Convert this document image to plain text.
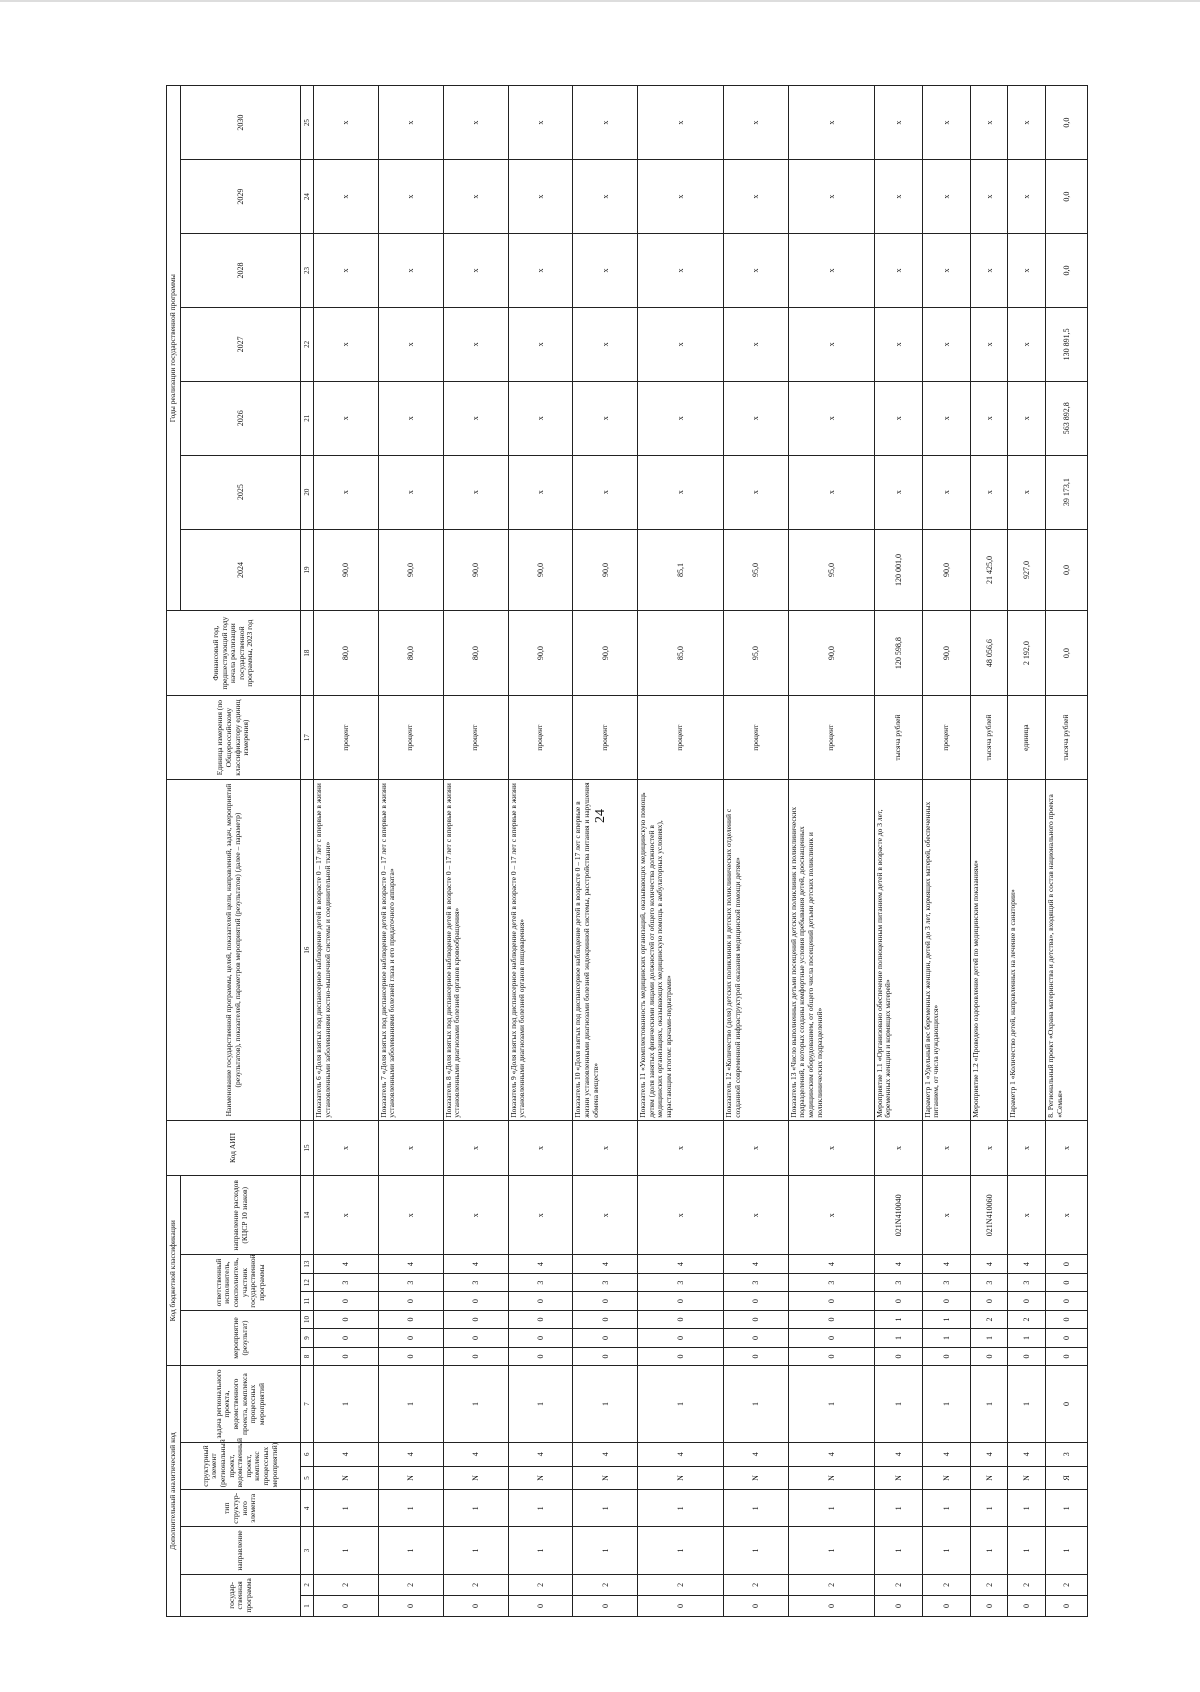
24
Дополнительный аналитический код							Код бюджетной классификации							Код АИП	Наименование государственной программы, целей, показателей цели, направлений, задач, мероприятий (результатов), показателей, параметров мероприятий (результатов) (далее – параметр)	Единица измерения (по Общероссийскому классификатору единиц измерения)	Финансовый год, предшествующий году начала реализации государственной программы, 2023 год	Годы реализации государственной программы						
государ-ственная программа		направление	тип структур-ного элемента	структурный элемент (региональный проект, ведомственный проект, комплекс процессных мероприятий)		задача регионального проекта, ведомственного проекта, комплекса процессных мероприятий	мероприятие (результат)			ответственный исполнитель, соисполнитель, участник государственной программы			направление расходов (КЦСР 10 знаков)					2024	2025	2026	2027	2028	2029	2030

1	2	3	4	5	6	7	8	9	10	11	12	13	14	15	16	17	18	19	20	21	22	23	24	25
0	2	1	1	N	4	1	0	0	0	0	3	4	x	x	Показатель 6 «Доля взятых под диспансерное наблюдение детей в возрасте 0 – 17 лет с впервые в жизни установленными заболеваниями костно-мышечной системы и соединительной ткани»	процент	80,0	90,0	x	x	x	x	x	x
0	2	1	1	N	4	1	0	0	0	0	3	4	x	x	Показатель 7 «Доля взятых под диспансерное наблюдение детей в возрасте 0 – 17 лет с впервые в жизни установленными заболеваниями болезней глаза и его придаточного аппарата»	процент	80,0	90,0	x	x	x	x	x	x
0	2	1	1	N	4	1	0	0	0	0	3	4	x	x	Показатель 8 «Доля взятых под диспансерное наблюдение детей в возрасте 0 – 17 лет с впервые в жизни установленными диагнозами болезней органов кровообращения»	процент	80,0	90,0	x	x	x	x	x	x
0	2	1	1	N	4	1	0	0	0	0	3	4	x	x	Показатель 9 «Доля взятых под диспансерное наблюдение детей в возрасте 0 – 17 лет с впервые в жизни установленными диагнозами болезней органов пищеварения»	процент	90,0	90,0	x	x	x	x	x	x
0	2	1	1	N	4	1	0	0	0	0	3	4	x	x	Показатель 10 «Доля взятых под диспансерное наблюдение детей в возрасте 0 – 17 лет с впервые в жизни установленными диагнозами болезней эндокринной системы, расстройства питания и нарушения обмена веществ»	процент	90,0	90,0	x	x	x	x	x	x
0	2	1	1	N	4	1	0	0	0	0	3	4	x	x	Показатель 11 «Укомплектованность медицинских организаций, оказывающих медицинскую помощь детям (доля занятых физическими лицами должностей от общего количества должностей в медицинских организациях, оказывающих медицинскую помощь в амбулаторных условиях), нарастающим итогом: врачами-педиатрами»	процент	85,0	85,1	x	x	x	x	x	x
0	2	1	1	N	4	1	0	0	0	0	3	4	x	x	Показатель 12 «Количество (доля) детских поликлиник и детских поликлинических отделений с созданной современной инфраструктурой оказания медицинской помощи детям»	процент	95,0	95,0	x	x	x	x	x	x
0	2	1	1	N	4	1	0	0	0	0	3	4	x	x	Показатель 13 «Число выполненных детьми посещений детских поликлиник и поликлинических подразделений, в которых созданы комфортные условия пребывания детей, дооснащенных медицинским оборудованием, от общего числа посещений детьми детских поликлиник и поликлинических подразделений»	процент	90,0	95,0	x	x	x	x	x	x
0	2	1	1	N	4	1	0	1	1	0	3	4	021N410040	x	Мероприятие 1.1 «Организовано обеспечение полноценным питанием детей в возрасте до 3 лет, беременных женщин и кормящих матерей»	тысяча рублей	120 598,8	120 001,0	x	x	x	x	x	x
0	2	1	1	N	4	1	0	1	1	0	3	4	x	x	Параметр 1 «Удельный вес беременных женщин, детей до 3 лет, кормящих матерей, обеспеченных питанием, от числа нуждающихся»	процент	90,0	90,0	x	x	x	x	x	x
0	2	1	1	N	4	1	0	1	2	0	3	4	021N410060	x	Мероприятие 1.2 «Проведено оздоровление детей по медицинским показаниям»	тысяча рублей	48 056,6	21 425,0	x	x	x	x	x	x
0	2	1	1	N	4	1	0	1	2	0	3	4	x	x	Параметр 1 «Количество детей, направленных на лечение в санатории»	единица	2 192,0	927,0	x	x	x	x	x	x
0	2	1	1	Я	3	0	0	0	0	0	0	0	x	x	8. Региональный проект «Охрана материнства и детства», входящий в состав национального проекта «Семья»	тысяча рублей	0,0	0,0	39 173,1	563 892,8	130 891,5	0,0	0,0	0,0
